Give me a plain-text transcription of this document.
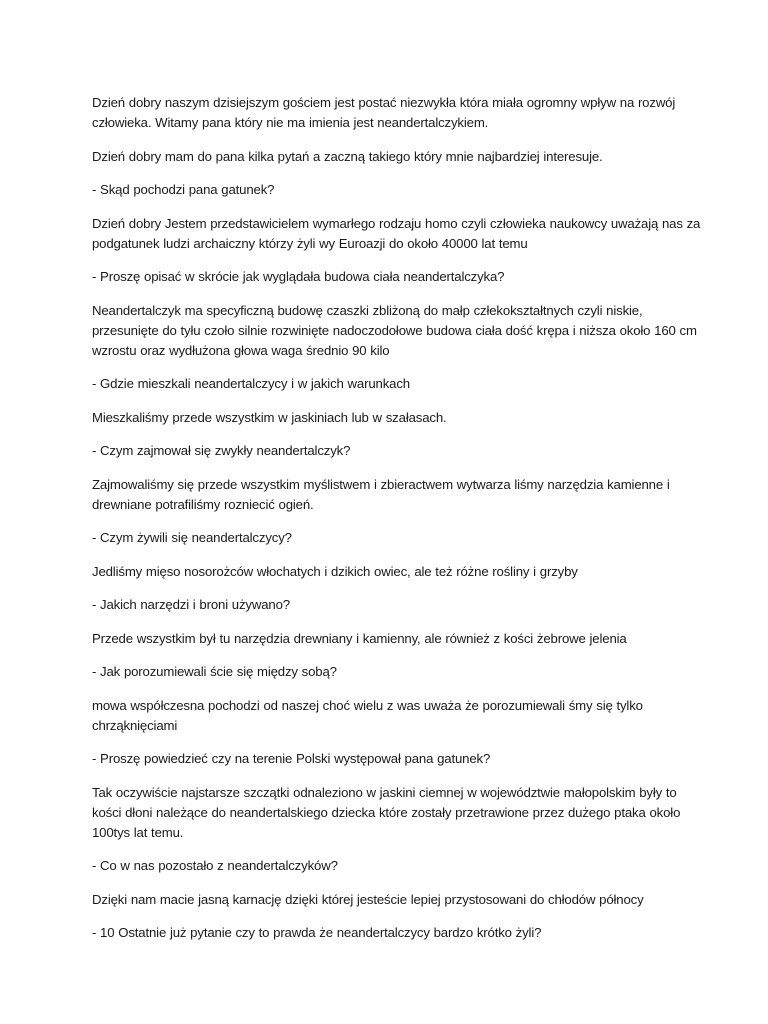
Dzień dobry naszym dzisiejszym gościem jest postać niezwykła która miała ogromny wpływ na rozwój
człowieka. Witamy pana który nie ma imienia jest neandertalczykiem.

Dzień dobry mam do pana kilka pytań a zaczną takiego który mnie najbardziej interesuje.

- Skąd pochodzi pana gatunek?

Dzień dobry Jestem przedstawicielem wymarłego rodzaju homo czyli człowieka naukowcy uważają nas za
podgatunek ludzi archaiczny którzy żyli wy Euroazji do około 40000 lat temu

- Proszę opisać w skrócie jak wyglądała budowa ciała neandertalczyka?

Neandertalczyk ma specyficzną budowę czaszki zbliżoną do małp człekokształtnych czyli niskie,
przesunięte do tyłu czoło silnie rozwinięte nadoczodołowe budowa ciała dość krępa i niższa około 160 cm
wzrostu oraz wydłużona głowa waga średnio 90 kilo

- Gdzie mieszkali neandertalczycy i w jakich warunkach

Mieszkaliśmy przede wszystkim w jaskiniach lub w szałasach.

- Czym zajmował się zwykły neandertalczyk?

Zajmowaliśmy się przede wszystkim myślistwem i zbieractwem wytwarza liśmy narzędzia kamienne i
drewniane potrafiliśmy rozniecić ogień.

- Czym żywili się neandertalczycy?

Jedliśmy mięso nosorożców włochatych i dzikich owiec, ale też różne rośliny i grzyby

- Jakich narzędzi i broni używano?

Przede wszystkim był tu narzędzia drewniany i kamienny, ale również z kości żebrowe jelenia

- Jak porozumiewali ście się między sobą?

mowa współczesna pochodzi od naszej choć wielu z was uważa że porozumiewali śmy się tylko
chrząknięciami

- Proszę powiedzieć czy na terenie Polski występował pana gatunek?

Tak oczywiście najstarsze szczątki odnaleziono w jaskini ciemnej w województwie małopolskim były to
kości dłoni należące do neandertalskiego dziecka które zostały przetrawione przez dużego ptaka około
100tys lat temu.

- Co w nas pozostało z neandertalczyków?

Dzięki nam macie jasną karnację dzięki której jesteście lepiej przystosowani do chłodów północy

- 10 Ostatnie już pytanie czy to prawda że neandertalczycy bardzo krótko żyli?
